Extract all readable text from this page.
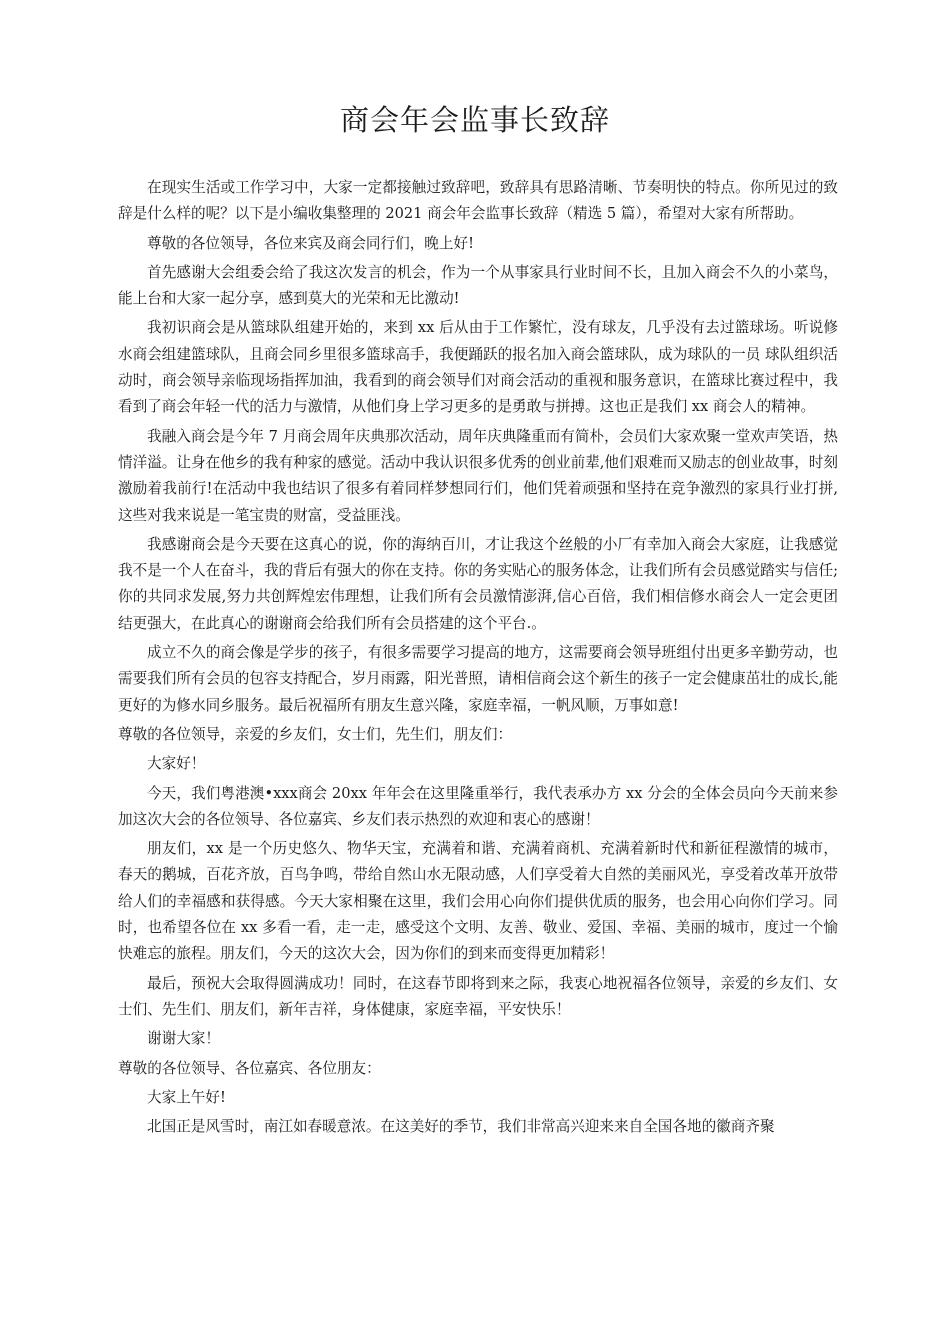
商会年会监事长致辞

在现实生活或工作学习中，大家一定都接触过致辞吧，致辞具有思路清晰、节奏明快的特点。你所见过的致辞是什么样的呢？以下是小编收集整理的 2021 商会年会监事长致辞（精选 5 篇），希望对大家有所帮助。

尊敬的各位领导，各位来宾及商会同行们，晚上好!

首先感谢大会组委会给了我这次发言的机会，作为一个从事家具行业时间不长，且加入商会不久的小菜鸟，能上台和大家一起分享，感到莫大的光荣和无比激动!

我初识商会是从篮球队组建开始的，来到 xx 后从由于工作繁忙，没有球友，几乎没有去过篮球场。听说修水商会组建篮球队，且商会同乡里很多篮球高手，我便踊跃的报名加入商会篮球队，成为球队的一员 球队组织活动时，商会领导亲临现场指挥加油，我看到的商会领导们对商会活动的重视和服务意识，在篮球比赛过程中，我看到了商会年轻一代的活力与激情，从他们身上学习更多的是勇敢与拼搏。这也正是我们 xx 商会人的精神。

我融入商会是今年 7 月商会周年庆典那次活动，周年庆典隆重而有简朴，会员们大家欢聚一堂欢声笑语，热情洋溢。让身在他乡的我有种家的感觉。活动中我认识很多优秀的创业前辈,他们艰难而又励志的创业故事，时刻激励着我前行!在活动中我也结识了很多有着同样梦想同行们，他们凭着顽强和坚持在竞争激烈的家具行业打拼,这些对我来说是一笔宝贵的财富，受益匪浅。

我感谢商会是今天要在这真心的说，你的海纳百川，才让我这个丝般的小厂有幸加入商会大家庭，让我感觉我不是一个人在奋斗，我的背后有强大的你在支持。你的务实贴心的服务体念，让我们所有会员感觉踏实与信任;你的共同求发展,努力共创辉煌宏伟理想，让我们所有会员激情澎湃,信心百倍，我们相信修水商会人一定会更团结更强大，在此真心的谢谢商会给我们所有会员搭建的这个平台.。

成立不久的商会像是学步的孩子，有很多需要学习提高的地方，这需要商会领导班组付出更多辛勤劳动，也需要我们所有会员的包容支持配合，岁月雨露，阳光普照，请相信商会这个新生的孩子一定会健康茁壮的成长,能更好的为修水同乡服务。最后祝福所有朋友生意兴隆，家庭幸福，一帆风顺，万事如意!

尊敬的各位领导，亲爱的乡友们，女士们，先生们，朋友们：

大家好！

今天，我们粤港澳•xxx商会 20xx 年年会在这里隆重举行，我代表承办方 xx 分会的全体会员向今天前来参加这次大会的各位领导、各位嘉宾、乡友们表示热烈的欢迎和衷心的感谢！

朋友们，xx 是一个历史悠久、物华天宝，充满着和谐、充满着商机、充满着新时代和新征程激情的城市，春天的鹅城，百花齐放，百鸟争鸣，带给自然山水无限动感，人们享受着大自然的美丽风光，享受着改革开放带给人们的幸福感和获得感。今天大家相聚在这里，我们会用心向你们提供优质的服务，也会用心向你们学习。同时，也希望各位在 xx 多看一看，走一走，感受这个文明、友善、敬业、爱国、幸福、美丽的城市，度过一个愉快难忘的旅程。朋友们，今天的这次大会，因为你们的到来而变得更加精彩！

最后，预祝大会取得圆满成功！同时，在这春节即将到来之际，我衷心地祝福各位领导，亲爱的乡友们、女士们、先生们、朋友们，新年吉祥，身体健康，家庭幸福，平安快乐！

谢谢大家！

尊敬的各位领导、各位嘉宾、各位朋友：

大家上午好!

北国正是风雪时，南江如春暖意浓。在这美好的季节，我们非常高兴迎来来自全国各地的徽商齐聚
